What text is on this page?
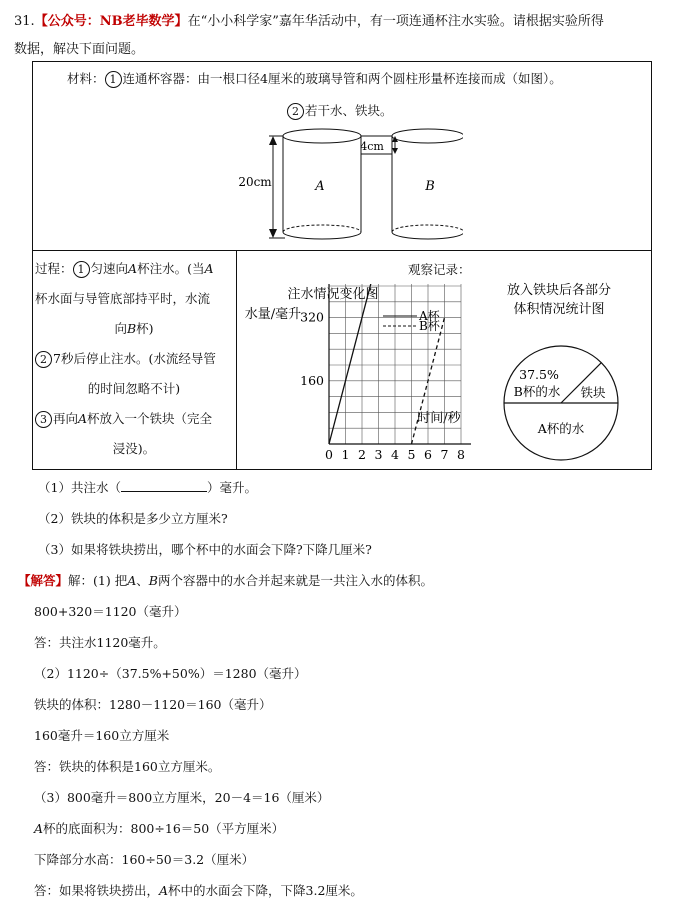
31.【公众号：NB老毕数学】在“小小科学家”嘉年华活动中，有一项连通杯注水实验。请根据实验所得
数据，解决下面问题。
材料： 1 连通杯容器：由一根口径4厘米的玻璃导管和两个圆柱形量杯连接而成（如图）。
2 若干水、铁块。
20cm	A	B
4cm
过程： 1 匀速向A杯注水。(当A
杯水面与导管底部持平时，水流
向B杯)
2 7秒后停止注水。(水流经导管
的时间忽略不计)
3 再向A杯放入一个铁块（完全
浸没)。
观察记录：
注水情况变化图
水量/毫升
时间/秒
0 1 2 3 4 5 6 7 8
160
320	A杯
B杯
放入铁块后各部分
体积情况统计图
37.5%
B杯的水 铁块
A杯的水
（1）共注水（	）毫升。
（2）铁块的体积是多少立方厘米?
（3）如果将铁块捞出，哪个杯中的水面会下降?下降几厘米?
【解答】解：(1) 把A、B两个容器中的水合并起来就是一共注入水的体积。
800+320＝1120（毫升）
答：共注水1120毫升。
（2）1120÷（37.5%+50%）＝1280（毫升）
铁块的体积：1280－1120＝160（毫升）
160毫升＝160立方厘米
答：铁块的体积是160立方厘米。
（3）800毫升＝800立方厘米，20－4＝16（厘米）
A杯的底面积为：800÷16＝50（平方厘米）
下降部分水高：160÷50＝3.2（厘米）
答：如果将铁块捞出，A杯中的水面会下降，下降3.2厘米。
